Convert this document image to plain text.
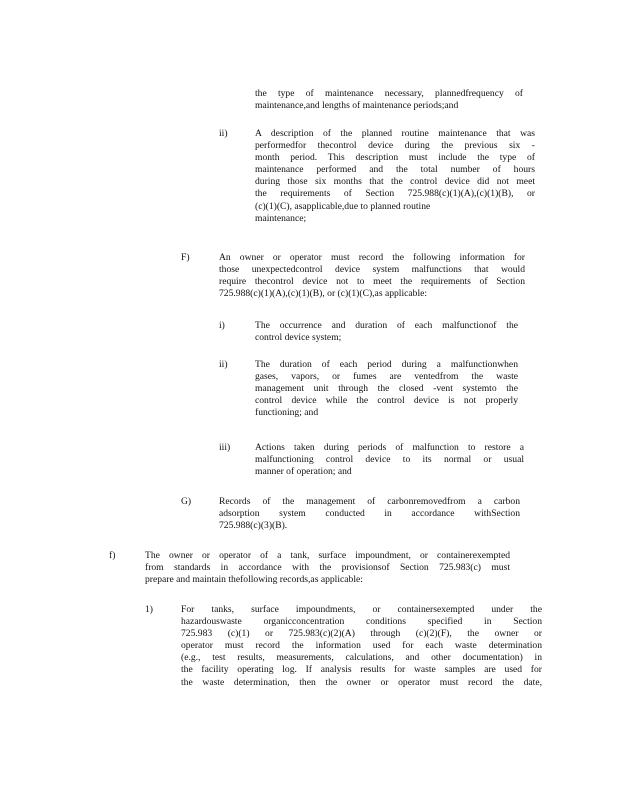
the type of maintenance necessary, plannedfrequency of
maintenance,and lengths of maintenance periods;and
ii)	A description of the planned routine maintenance that was
performedfor thecontrol device during the previous six -
month period. This description must include the type of
maintenance performed and the total number of hours
during those six months that the control device did not meet
the requirements of Section 725.988(c)(1)(A),(c)(1)(B), or
(c)(1)(C), asapplicable,due to planned routine
maintenance;
F)	An owner or operator must record the following information for
those unexpectedcontrol device system malfunctions that would
require thecontrol device not to meet the requirements of Section
725.988(c)(1)(A),(c)(1)(B), or (c)(1)(C),as applicable:
i)	The occurrence and duration of each malfunctionof the
control device system;
ii)	The duration of each period during a malfunctionwhen
gases, vapors, or fumes are ventedfrom the waste
management unit through the closed -vent systemto the
control device while the control device is not properly
functioning; and
iii)	Actions taken during periods of malfunction to restore a
malfunctioning control device to its normal or usual
manner of operation; and
G)	Records of the management of carbonremovedfrom a carbon
adsorption system conducted in accordance withSection
725.988(c)(3)(B).
f)	The owner or operator of a tank, surface impoundment, or containerexempted
from standards in accordance with the provisionsof Section 725.983(c) must
prepare and maintain thefollowing records,as applicable:
1)	For tanks, surface impoundments, or containersexempted under the
hazardouswaste organicconcentration conditions specified in Section
725.983 (c)(1) or 725.983(c)(2)(A) through (c)(2)(F), the owner or
operator must record the information used for each waste determination
(e.g., test results, measurements, calculations, and other documentation) in
the facility operating log. If analysis results for waste samples are used for
the waste determination, then the owner or operator must record the date,
